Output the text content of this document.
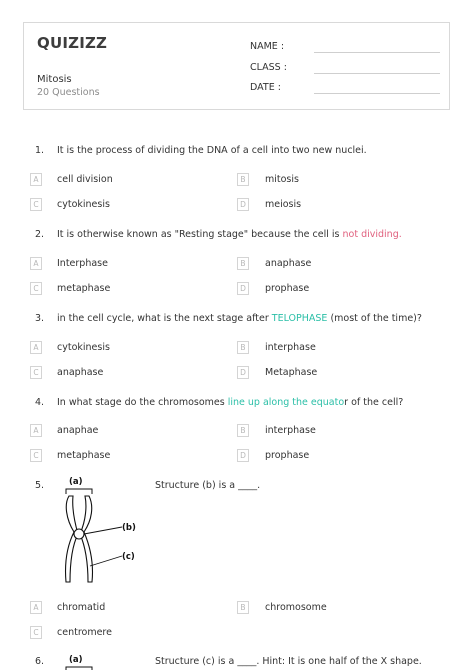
QUIZIZZ
Mitosis
20 Questions
NAME :
CLASS :
DATE :
1. It is the process of dividing the DNA of a cell into two new nuclei.
A	cell division	B	mitosis
C	cytokinesis	D	meiosis
2. It is otherwise known as "Resting stage" because the cell is not dividing.
A	Interphase	B	anaphase
C	metaphase	D	prophase
3. in the cell cycle, what is the next stage after TELOPHASE (most of the time)?
A	cytokinesis	B	interphase
C	anaphase	D	Metaphase
4. In what stage do the chromosomes line up along the equator of the cell?
A	anaphae	B	interphase
C	metaphase	D	prophase
5.	Structure (b) is a ____.
(a)
(b)
(c)
A	chromatid	B	chromosome
C	centromere
6.	Structure (c) is a ____. Hint: It is one half of the X shape.
(a)
